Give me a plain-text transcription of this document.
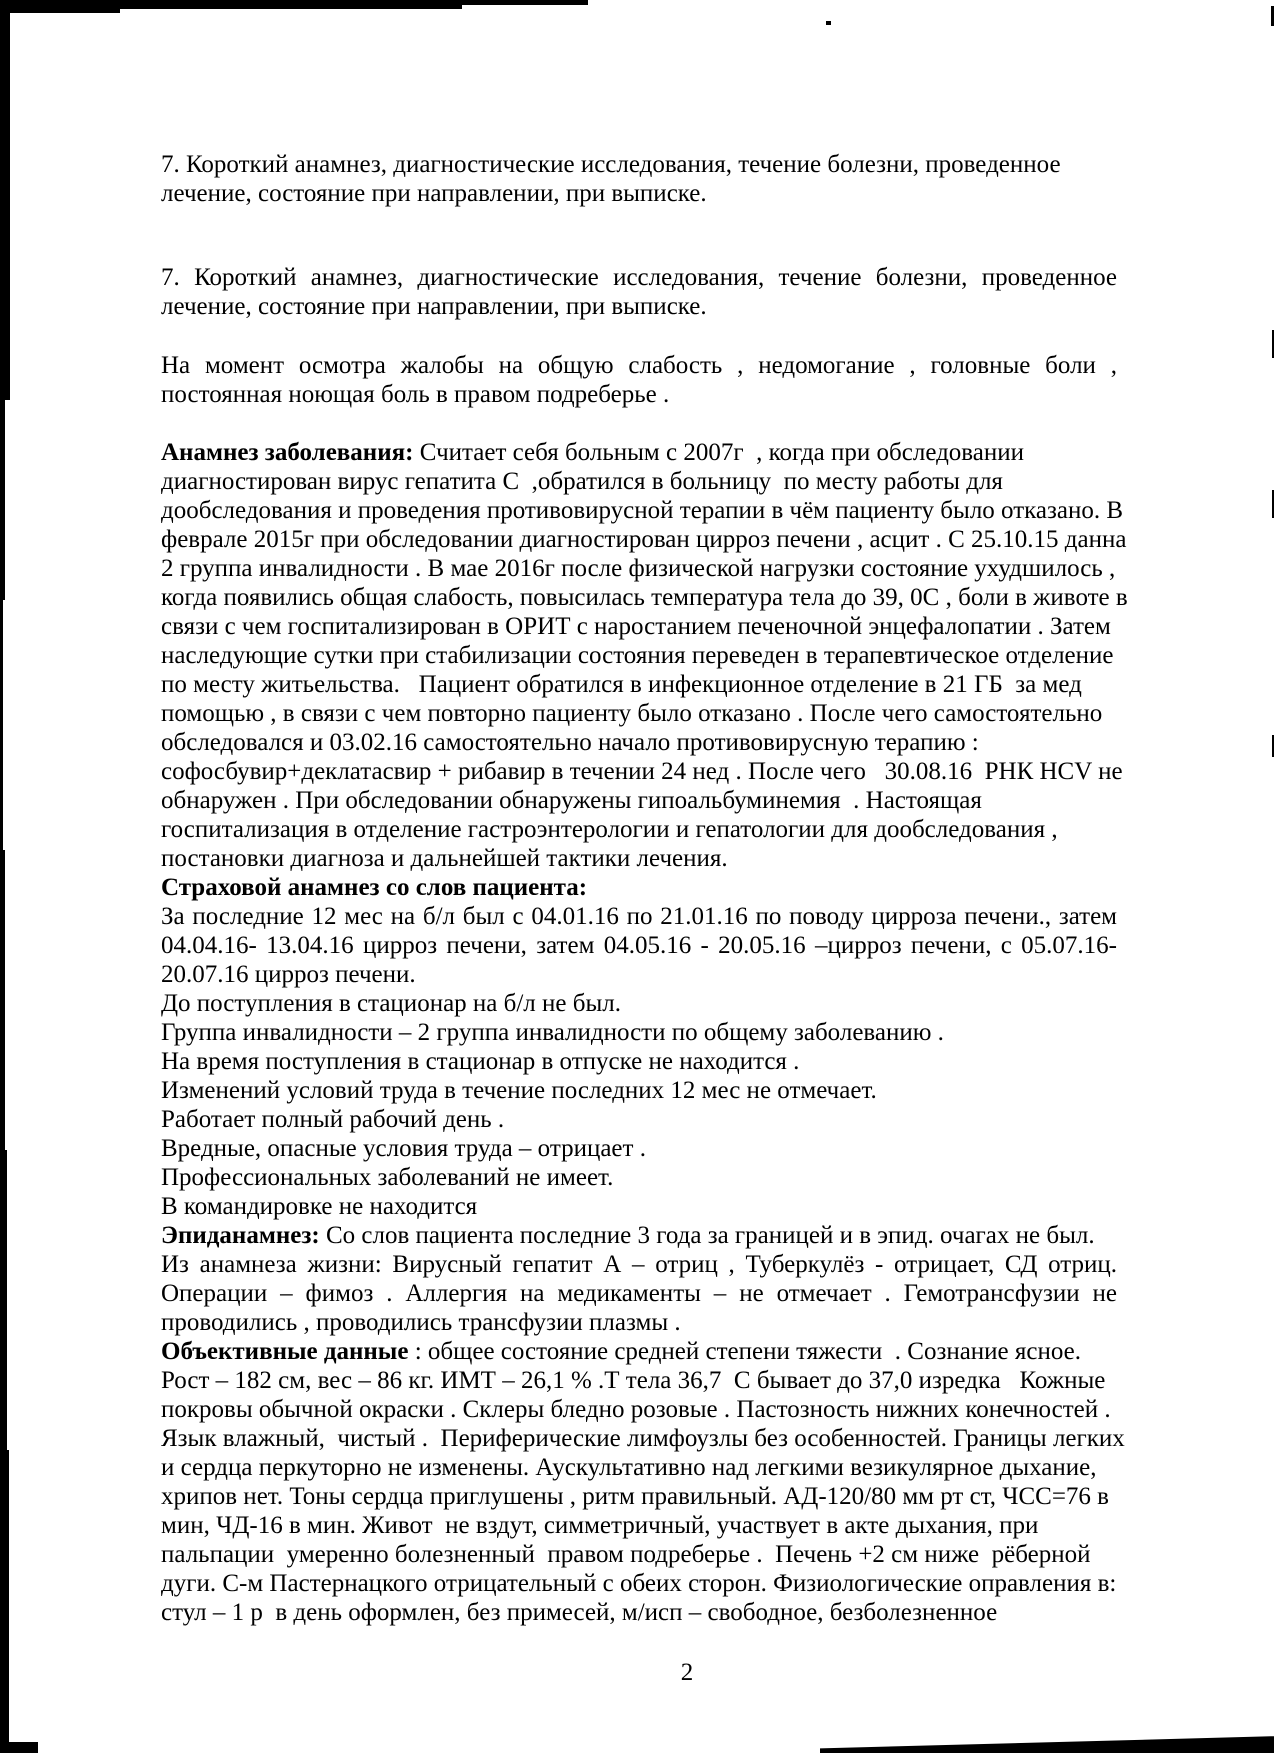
7. Короткий анамнез, диагностические исследования, течение болезни, проведенное
лечение, состояние при направлении, при выписке.
7. Короткий анамнез, диагностические исследования, течение болезни, проведенное
лечение, состояние при направлении, при выписке.
На момент осмотра жалобы на общую слабость , недомогание , головные боли ,
постоянная ноющая боль в правом подреберье .
Анамнез заболевания: Считает себя больным с 2007г  , когда при обследовании
диагностирован вирус гепатита С  ,обратился в больницу  по месту работы для
дообследования и проведения противовирусной терапии в чём пациенту было отказано. В
феврале 2015г при обследовании диагностирован цирроз печени , асцит . С 25.10.15 данна
2 группа инвалидности . В мае 2016г после физической нагрузки состояние ухудшилось ,
когда появились общая слабость, повысилась температура тела до 39, 0С , боли в животе в
связи с чем госпитализирован в ОРИТ с наростанием печеночной энцефалопатии . Затем
наследующие сутки при стабилизации состояния переведен в терапевтическое отделение
по месту житьельства.   Пациент обратился в инфекционное отделение в 21 ГБ  за мед
помощью , в связи с чем повторно пациенту было отказано . После чего самостоятельно
обследовался и 03.02.16 самостоятельно начало противовирусную терапию :
софосбувир+деклатасвир + рибавир в течении 24 нед . После чего   30.08.16  РНК HCV не
обнаружен . При обследовании обнаружены гипоальбуминемия  . Настоящая
госпитализация в отделение гастроэнтерологии и гепатологии для дообследования ,
постановки диагноза и дальнейшей тактики лечения.
Страховой анамнез со слов пациента:
За последние 12 мес на б/л был с 04.01.16 по 21.01.16 по поводу цирроза печени., затем
04.04.16- 13.04.16 цирроз печени, затем 04.05.16 - 20.05.16 –цирроз печени, с 05.07.16-
20.07.16 цирроз печени.
До поступления в стационар на б/л не был.
Группа инвалидности – 2 группа инвалидности по общему заболеванию .
На время поступления в стационар в отпуске не находится .
Изменений условий труда в течение последних 12 мес не отмечает.
Работает полный рабочий день .
Вредные, опасные условия труда – отрицает .
Профессиональных заболеваний не имеет.
В командировке не находится
Эпиданамнез: Со слов пациента последние 3 года за границей и в эпид. очагах не был.
Из анамнеза жизни: Вирусный гепатит А – отриц , Туберкулёз - отрицает, СД отриц.
Операции – фимоз . Аллергия на медикаменты – не отмечает . Гемотрансфузии не
проводились , проводились трансфузии плазмы .
Объективные данные : общее состояние средней степени тяжести  . Сознание ясное.
Рост – 182 см, вес – 86 кг. ИМТ – 26,1 % .Т тела 36,7  С бывает до 37,0 изредка   Кожные
покровы обычной окраски . Склеры бледно розовые . Пастозность нижних конечностей .
Язык влажный,  чистый .  Периферические лимфоузлы без особенностей. Границы легких
и сердца перкуторно не изменены. Аускультативно над легкими везикулярное дыхание,
хрипов нет. Тоны сердца приглушены , ритм правильный. АД-120/80 мм рт ст, ЧСС=76 в
мин, ЧД-16 в мин. Живот  не вздут, симметричный, участвует в акте дыхания, при
пальпации  умеренно болезненный  правом подреберье .  Печень +2 см ниже  рёберной
дуги. С-м Пастернацкого отрицательный с обеих сторон. Физиологические оправления в:
стул – 1 р  в день оформлен, без примесей, м/исп – свободное, безболезненное
2
